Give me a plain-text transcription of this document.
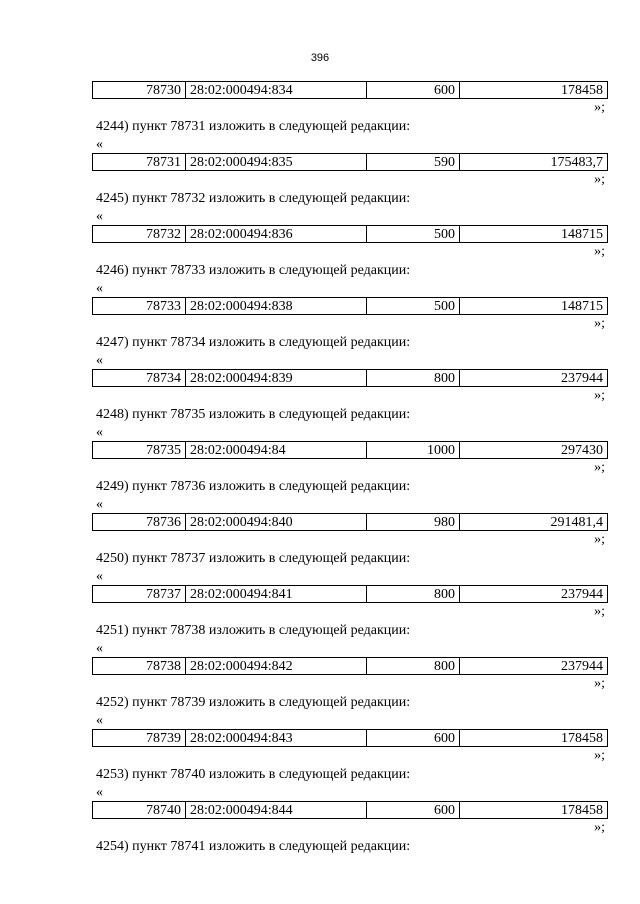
396
78730	28:02:000494:834	600	178458
»;
4244) пункт 78731 изложить в следующей редакции:
«
78731	28:02:000494:835	590	175483,7
»;
4245) пункт 78732 изложить в следующей редакции:
«
78732	28:02:000494:836	500	148715
»;
4246) пункт 78733 изложить в следующей редакции:
«
78733	28:02:000494:838	500	148715
»;
4247) пункт 78734 изложить в следующей редакции:
«
78734	28:02:000494:839	800	237944
»;
4248) пункт 78735 изложить в следующей редакции:
«
78735	28:02:000494:84	1000	297430
»;
4249) пункт 78736 изложить в следующей редакции:
«
78736	28:02:000494:840	980	291481,4
»;
4250) пункт 78737 изложить в следующей редакции:
«
78737	28:02:000494:841	800	237944
»;
4251) пункт 78738 изложить в следующей редакции:
«
78738	28:02:000494:842	800	237944
»;
4252) пункт 78739 изложить в следующей редакции:
«
78739	28:02:000494:843	600	178458
»;
4253) пункт 78740 изложить в следующей редакции:
«
78740	28:02:000494:844	600	178458
»;
4254) пункт 78741 изложить в следующей редакции:
